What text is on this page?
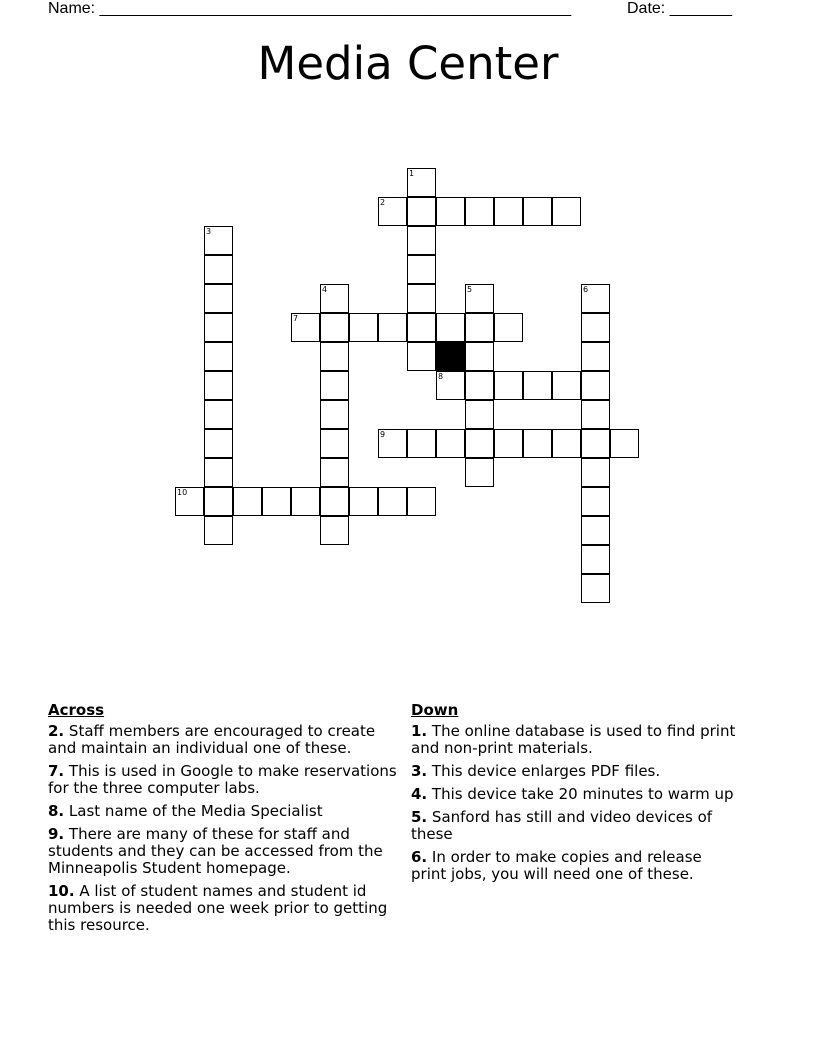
Name: _____________________________________________________	Date: _______
Media Center
1
2
3
4	5	6
7
8
9
10
Across
2. Staff members are encouraged to create and maintain an individual one of these.
7. This is used in Google to make reservations for the three computer labs.
8. Last name of the Media Specialist
9. There are many of these for staff and students and they can be accessed from the Minneapolis Student homepage.
10. A list of student names and student id numbers is needed one week prior to getting this resource.
Down
1. The online database is used to find print and non-print materials.
3. This device enlarges PDF files.
4. This device take 20 minutes to warm up
5. Sanford has still and video devices of these
6. In order to make copies and release print jobs, you will need one of these.
